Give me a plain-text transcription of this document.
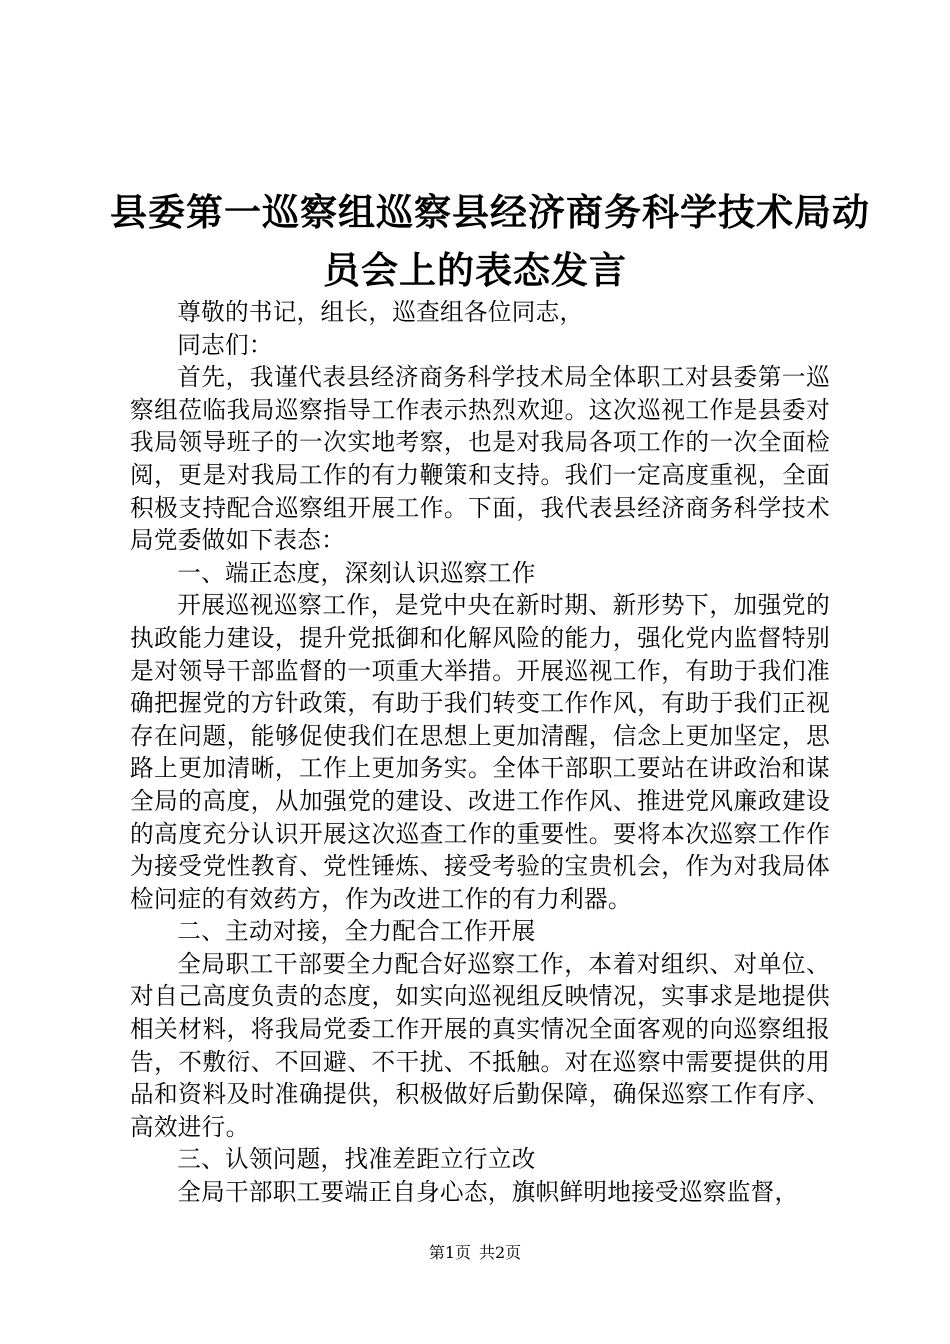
县委第一巡察组巡察县经济商务科学技术局动
员会上的表态发言

尊敬的书记，组长，巡查组各位同志，

同志们：

首先，我谨代表县经济商务科学技术局全体职工对县委第一巡察组莅临我局巡察指导工作表示热烈欢迎。这次巡视工作是县委对我局领导班子的一次实地考察，也是对我局各项工作的一次全面检阅，更是对我局工作的有力鞭策和支持。我们一定高度重视，全面积极支持配合巡察组开展工作。下面，我代表县经济商务科学技术局党委做如下表态：

一、端正态度，深刻认识巡察工作

开展巡视巡察工作，是党中央在新时期、新形势下，加强党的执政能力建设，提升党抵御和化解风险的能力，强化党内监督特别是对领导干部监督的一项重大举措。开展巡视工作，有助于我们准确把握党的方针政策，有助于我们转变工作作风，有助于我们正视存在问题，能够促使我们在思想上更加清醒，信念上更加坚定，思路上更加清晰，工作上更加务实。全体干部职工要站在讲政治和谋全局的高度，从加强党的建设、改进工作作风、推进党风廉政建设的高度充分认识开展这次巡查工作的重要性。要将本次巡察工作作为接受党性教育、党性锤炼、接受考验的宝贵机会，作为对我局体检问症的有效药方，作为改进工作的有力利器。

二、主动对接，全力配合工作开展

全局职工干部要全力配合好巡察工作，本着对组织、对单位、对自己高度负责的态度，如实向巡视组反映情况，实事求是地提供相关材料，将我局党委工作开展的真实情况全面客观的向巡察组报告，不敷衍、不回避、不干扰、不抵触。对在巡察中需要提供的用品和资料及时准确提供，积极做好后勤保障，确保巡察工作有序、高效进行。

三、认领问题，找准差距立行立改

全局干部职工要端正自身心态，旗帜鲜明地接受巡察监督，

第1页 共2页
